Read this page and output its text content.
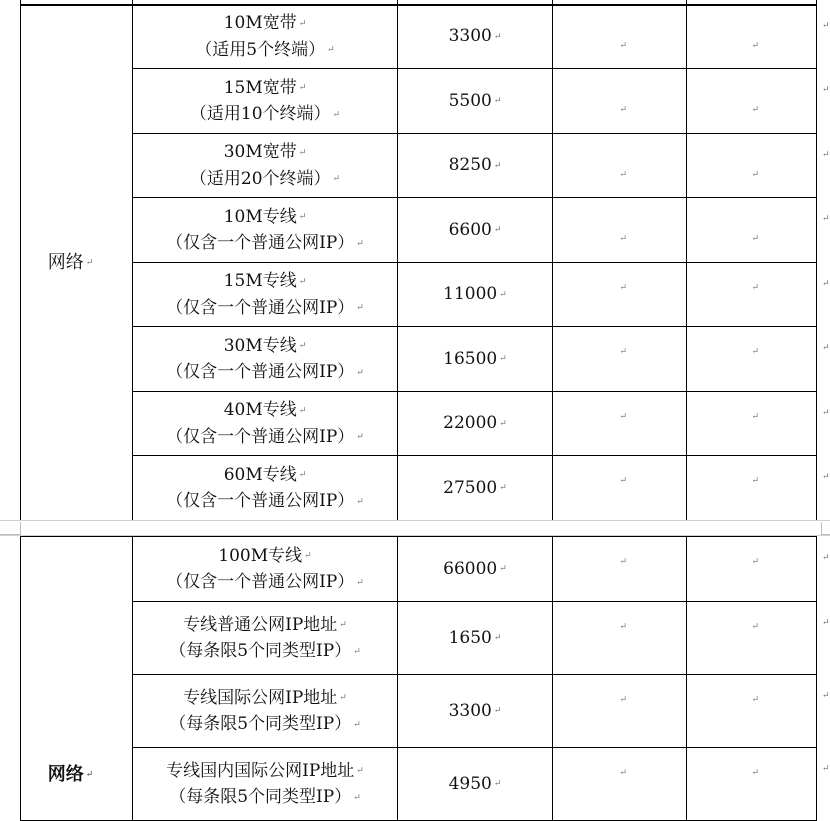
网络 ↵	10M宽带 ↵
（适用5个终端） ↵	3300 ↵	↵	↵
↵

	15M宽带 ↵
（适用10个终端） ↵	5500 ↵	↵	↵
↵

	30M宽带 ↵
（适用20个终端） ↵	8250 ↵	↵	↵
↵

	10M专线 ↵
（仅含一个普通公网IP） ↵	6600 ↵	↵	↵
↵

	15M专线 ↵
（仅含一个普通公网IP） ↵	11000 ↵	↵	↵ ↵

	30M专线 ↵
（仅含一个普通公网IP） ↵	16500 ↵	↵	↵ ↵

	40M专线 ↵
（仅含一个普通公网IP） ↵	22000 ↵	↵	↵ ↵

	60M专线 ↵
（仅含一个普通公网IP） ↵	27500 ↵	↵	↵ ↵
网络 ↵	100M专线 ↵
（仅含一个普通公网IP） ↵	66000 ↵	↵	↵ ↵

	专线普通公网IP地址 ↵
（每条限5个同类型IP） ↵	1650 ↵	↵	↵ ↵

	专线国际公网IP地址 ↵
（每条限5个同类型IP） ↵	3300 ↵	↵	↵ ↵

	专线国内国际公网IP地址 ↵
（每条限5个同类型IP） ↵	4950 ↵	↵	↵ ↵
